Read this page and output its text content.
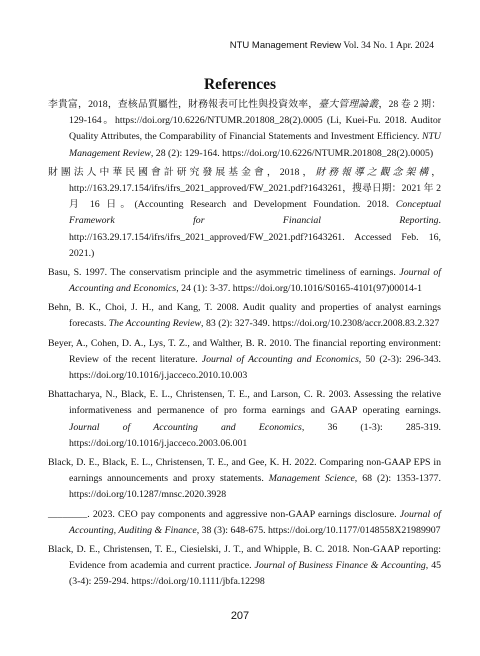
NTU Management Review Vol. 34 No. 1 Apr. 2024
References

李貴富，2018，查核品質屬性，財務報表可比性與投資效率，臺大管理論叢，28 卷 2 期：129-164。https://doi.org/10.6226/NTUMR.201808_28(2).0005 (Li, Kuei-Fu. 2018. Auditor Quality Attributes, the Comparability of Financial Statements and Investment Efficiency. NTU Management Review, 28 (2): 129-164. https://doi.org/10.6226/NTUMR.201808_28(2).0005)

財團法人中華民國會計研究發展基金會，2018，財務報導之觀念架構，http://163.29.17.154/ifrs/ifrs_2021_approved/FW_2021.pdf?1643261，搜尋日期：2021 年 2 月 16 日。(Accounting Research and Development Foundation. 2018. Conceptual Framework for Financial Reporting. http://163.29.17.154/ifrs/ifrs_2021_approved/FW_2021.pdf?1643261. Accessed Feb. 16, 2021.)

Basu, S. 1997. The conservatism principle and the asymmetric timeliness of earnings. Journal of Accounting and Economics, 24 (1): 3-37. https://doi.org/10.1016/S0165-4101(97)00014-1

Behn, B. K., Choi, J. H., and Kang, T. 2008. Audit quality and properties of analyst earnings forecasts. The Accounting Review, 83 (2): 327-349. https://doi.org/10.2308/accr.2008.83.2.327

Beyer, A., Cohen, D. A., Lys, T. Z., and Walther, B. R. 2010. The financial reporting environment: Review of the recent literature. Journal of Accounting and Economics, 50 (2-3): 296-343. https://doi.org/10.1016/j.jacceco.2010.10.003

Bhattacharya, N., Black, E. L., Christensen, T. E., and Larson, C. R. 2003. Assessing the relative informativeness and permanence of pro forma earnings and GAAP operating earnings. Journal of Accounting and Economics, 36 (1-3): 285-319. https://doi.org/10.1016/j.jacceco.2003.06.001

Black, D. E., Black, E. L., Christensen, T. E., and Gee, K. H. 2022. Comparing non-GAAP EPS in earnings announcements and proxy statements. Management Science, 68 (2): 1353-1377. https://doi.org/10.1287/mnsc.2020.3928

________. 2023. CEO pay components and aggressive non-GAAP earnings disclosure. Journal of Accounting, Auditing & Finance, 38 (3): 648-675. https://doi.org/10.1177/0148558X21989907

Black, D. E., Christensen, T. E., Ciesielski, J. T., and Whipple, B. C. 2018. Non-GAAP reporting: Evidence from academia and current practice. Journal of Business Finance & Accounting, 45 (3-4): 259-294. https://doi.org/10.1111/jbfa.12298

207
